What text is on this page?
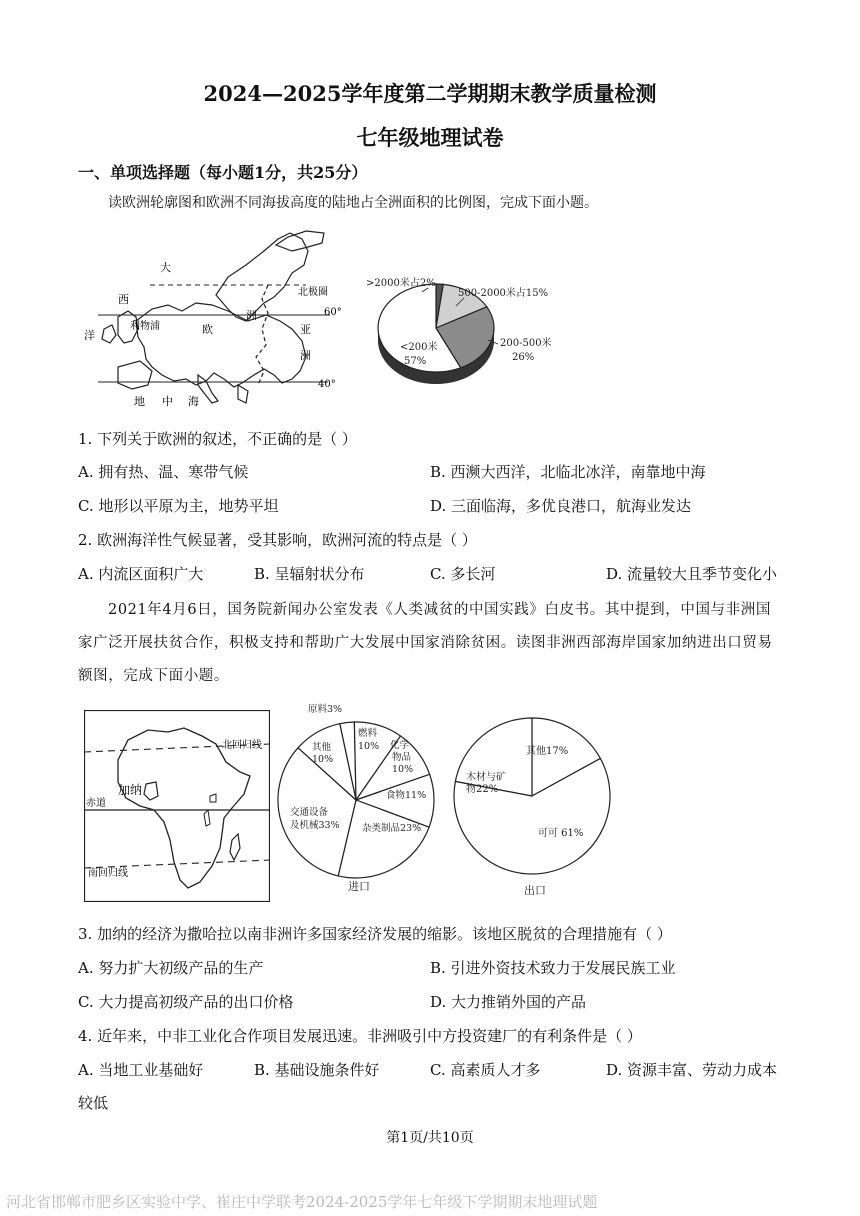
2024—2025学年度第二学期期末教学质量检测
七年级地理试卷
一、单项选择题（每小题1分，共25分）
读欧洲轮廓图和欧洲不同海拔高度的陆地占全洲面积的比例图，完成下面小题。
大
西
洋
利物浦	欧
洲
亚
洲
地 中 海
北极圈
60°
40°
>2000米占2%
500-2000米占15%
200-500米
26%
<200米
57%
1. 下列关于欧洲的叙述，不正确的是（ ）
A. 拥有热、温、寒带气候	B. 西濒大西洋，北临北冰洋，南靠地中海
C. 地形以平原为主，地势平坦	D. 三面临海，多优良港口，航海业发达
2. 欧洲海洋性气候显著，受其影响，欧洲河流的特点是（ ）
A. 内流区面积广大	B. 呈辐射状分布	C. 多长河	D. 流量较大且季节变化小
2021年4月6日，国务院新闻办公室发表《人类减贫的中国实践》白皮书。其中提到，中国与非洲国
家广泛开展扶贫合作，积极支持和帮助广大发展中国家消除贫困。读图非洲西部海岸国家加纳进出口贸易
额图，完成下面小题。
北回归线
加纳
赤道
南回归线
原料3%
燃料
10% 化学
物品
10%
食物11%
杂类制品23%
交通设备
及机械33%
其他
10%
进口
其他17%
木材与矿
物22%
可可 61%
出口
3. 加纳的经济为撒哈拉以南非洲许多国家经济发展的缩影。该地区脱贫的合理措施有（ ）
A. 努力扩大初级产品的生产	B. 引进外资技术致力于发展民族工业
C. 大力提高初级产品的出口价格	D. 大力推销外国的产品
4. 近年来，中非工业化合作项目发展迅速。非洲吸引中方投资建厂的有利条件是（ ）
A. 当地工业基础好	B. 基础设施条件好	C. 高素质人才多	D. 资源丰富、劳动力成本
较低
第1页/共10页
河北省邯郸市肥乡区实验中学、崔庄中学联考2024-2025学年七年级下学期期末地理试题
